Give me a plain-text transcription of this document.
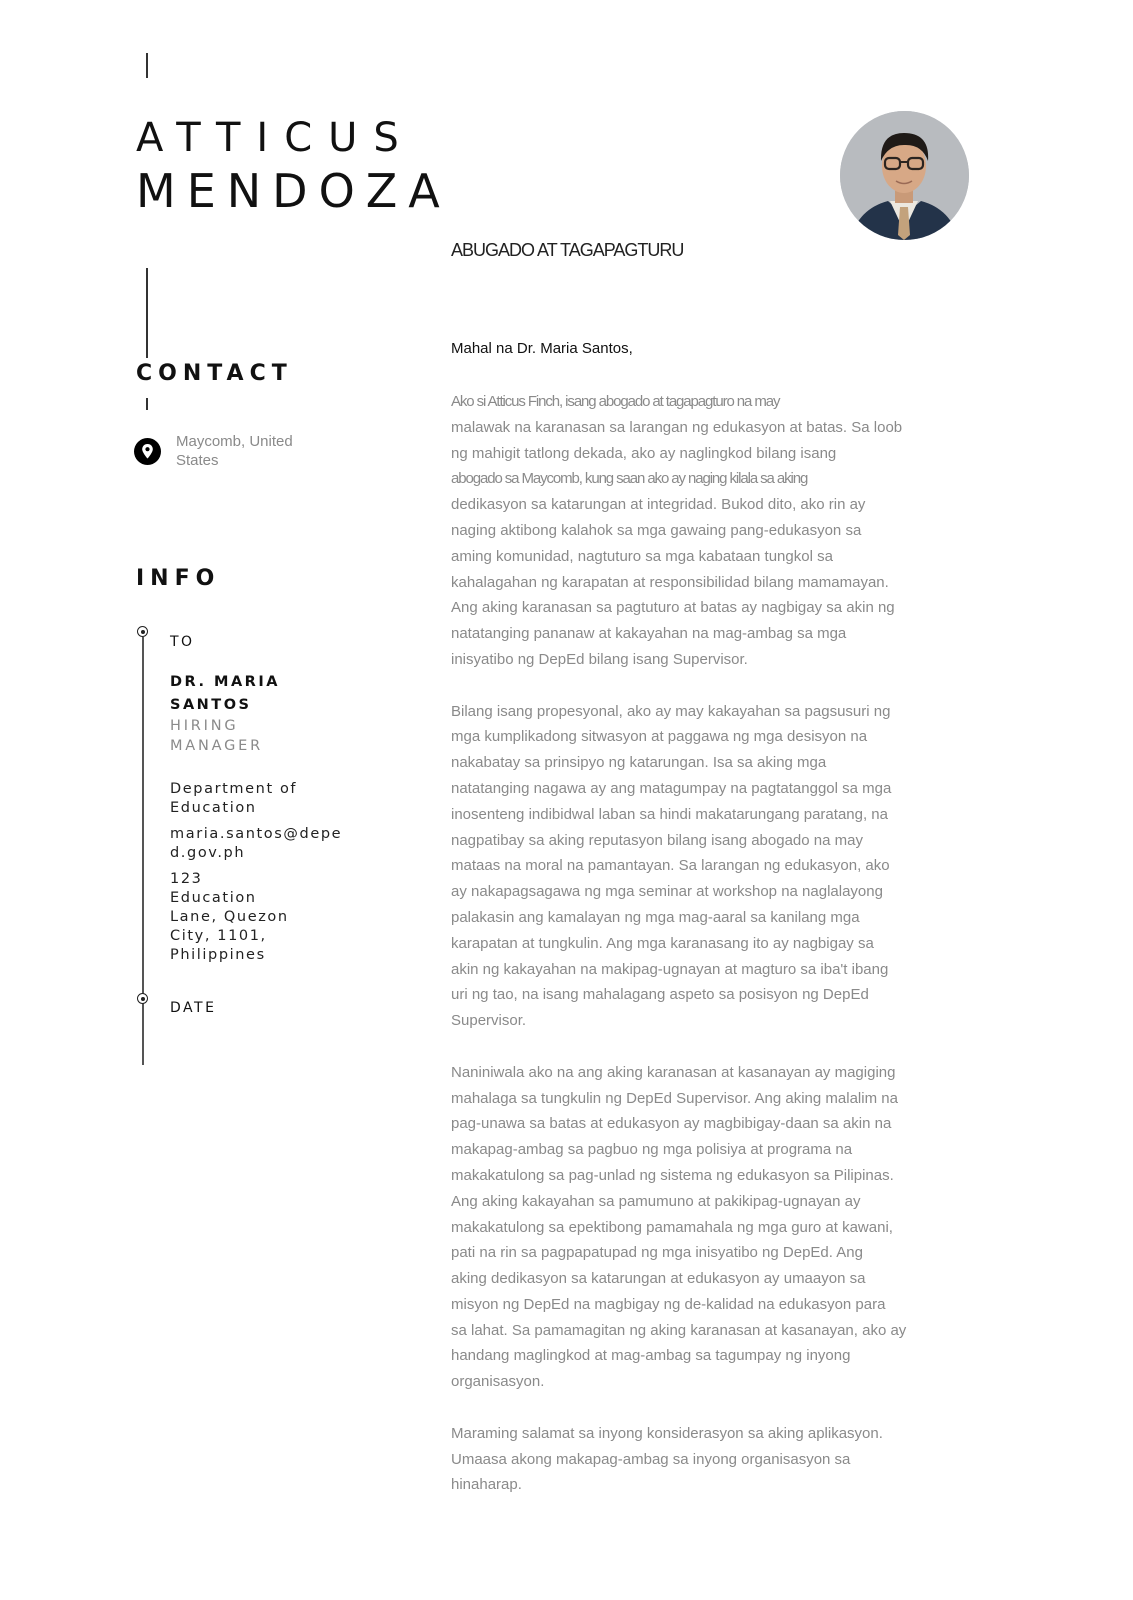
ATTICUS
MENDOZA
ABUGADO AT TAGAPAGTURU
CONTACT
Maycomb, United States
INFO
TO
DR. MARIA SANTOS
HIRING MANAGER
Department of Education
maria.santos@deped.gov.ph
123 Education Lane, Quezon City, 1101, Philippines
DATE
Mahal na Dr. Maria Santos,

Ako si Atticus Finch, isang abogado at tagapagturo na may
malawak na karanasan sa larangan ng edukasyon at batas. Sa loob
ng mahigit tatlong dekada, ako ay naglingkod bilang isang
abogado sa Maycomb, kung saan ako ay naging kilala sa aking
dedikasyon sa katarungan at integridad. Bukod dito, ako rin ay
naging aktibong kalahok sa mga gawaing pang-edukasyon sa
aming komunidad, nagtuturo sa mga kabataan tungkol sa
kahalagahan ng karapatan at responsibilidad bilang mamamayan.
Ang aking karanasan sa pagtuturo at batas ay nagbigay sa akin ng
natatanging pananaw at kakayahan na mag-ambag sa mga
inisyatibo ng DepEd bilang isang Supervisor.

Bilang isang propesyonal, ako ay may kakayahan sa pagsusuri ng
mga kumplikadong sitwasyon at paggawa ng mga desisyon na
nakabatay sa prinsipyo ng katarungan. Isa sa aking mga
natatanging nagawa ay ang matagumpay na pagtatanggol sa mga
inosenteng indibidwal laban sa hindi makatarungang paratang, na
nagpatibay sa aking reputasyon bilang isang abogado na may
mataas na moral na pamantayan. Sa larangan ng edukasyon, ako
ay nakapagsagawa ng mga seminar at workshop na naglalayong
palakasin ang kamalayan ng mga mag-aaral sa kanilang mga
karapatan at tungkulin. Ang mga karanasang ito ay nagbigay sa
akin ng kakayahan na makipag-ugnayan at magturo sa iba't ibang
uri ng tao, na isang mahalagang aspeto sa posisyon ng DepEd
Supervisor.

Naniniwala ako na ang aking karanasan at kasanayan ay magiging
mahalaga sa tungkulin ng DepEd Supervisor. Ang aking malalim na
pag-unawa sa batas at edukasyon ay magbibigay-daan sa akin na
makapag-ambag sa pagbuo ng mga polisiya at programa na
makakatulong sa pag-unlad ng sistema ng edukasyon sa Pilipinas.
Ang aking kakayahan sa pamumuno at pakikipag-ugnayan ay
makakatulong sa epektibong pamamahala ng mga guro at kawani,
pati na rin sa pagpapatupad ng mga inisyatibo ng DepEd. Ang
aking dedikasyon sa katarungan at edukasyon ay umaayon sa
misyon ng DepEd na magbigay ng de-kalidad na edukasyon para
sa lahat. Sa pamamagitan ng aking karanasan at kasanayan, ako ay
handang maglingkod at mag-ambag sa tagumpay ng inyong
organisasyon.

Maraming salamat sa inyong konsiderasyon sa aking aplikasyon.
Umaasa akong makapag-ambag sa inyong organisasyon sa
hinaharap.
